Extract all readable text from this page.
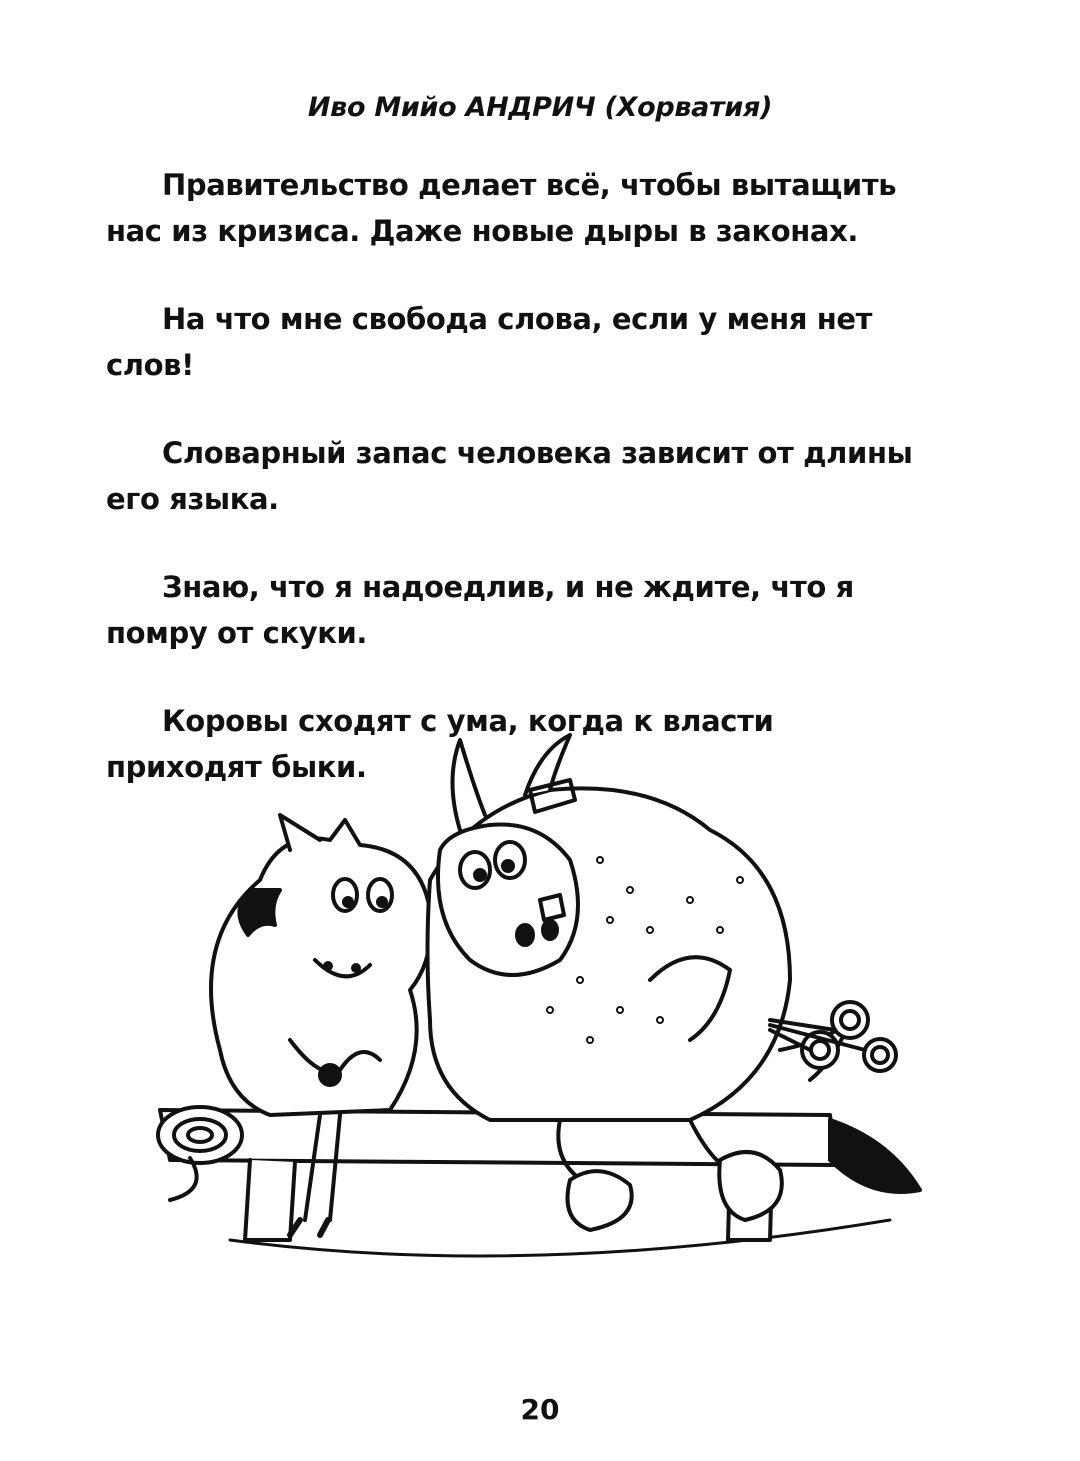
Иво Мийо АНДРИЧ (Хорватия)

Правительство делает всё, чтобы вытащить нас из кризиса. Даже новые дыры в законах.

На что мне свобода слова, если у меня нет слов!

Словарный запас человека зависит от длины его языка.

Знаю, что я надоедлив, и не ждите, что я помру от скуки.

Коровы сходят с ума, когда к власти приходят быки.

20
